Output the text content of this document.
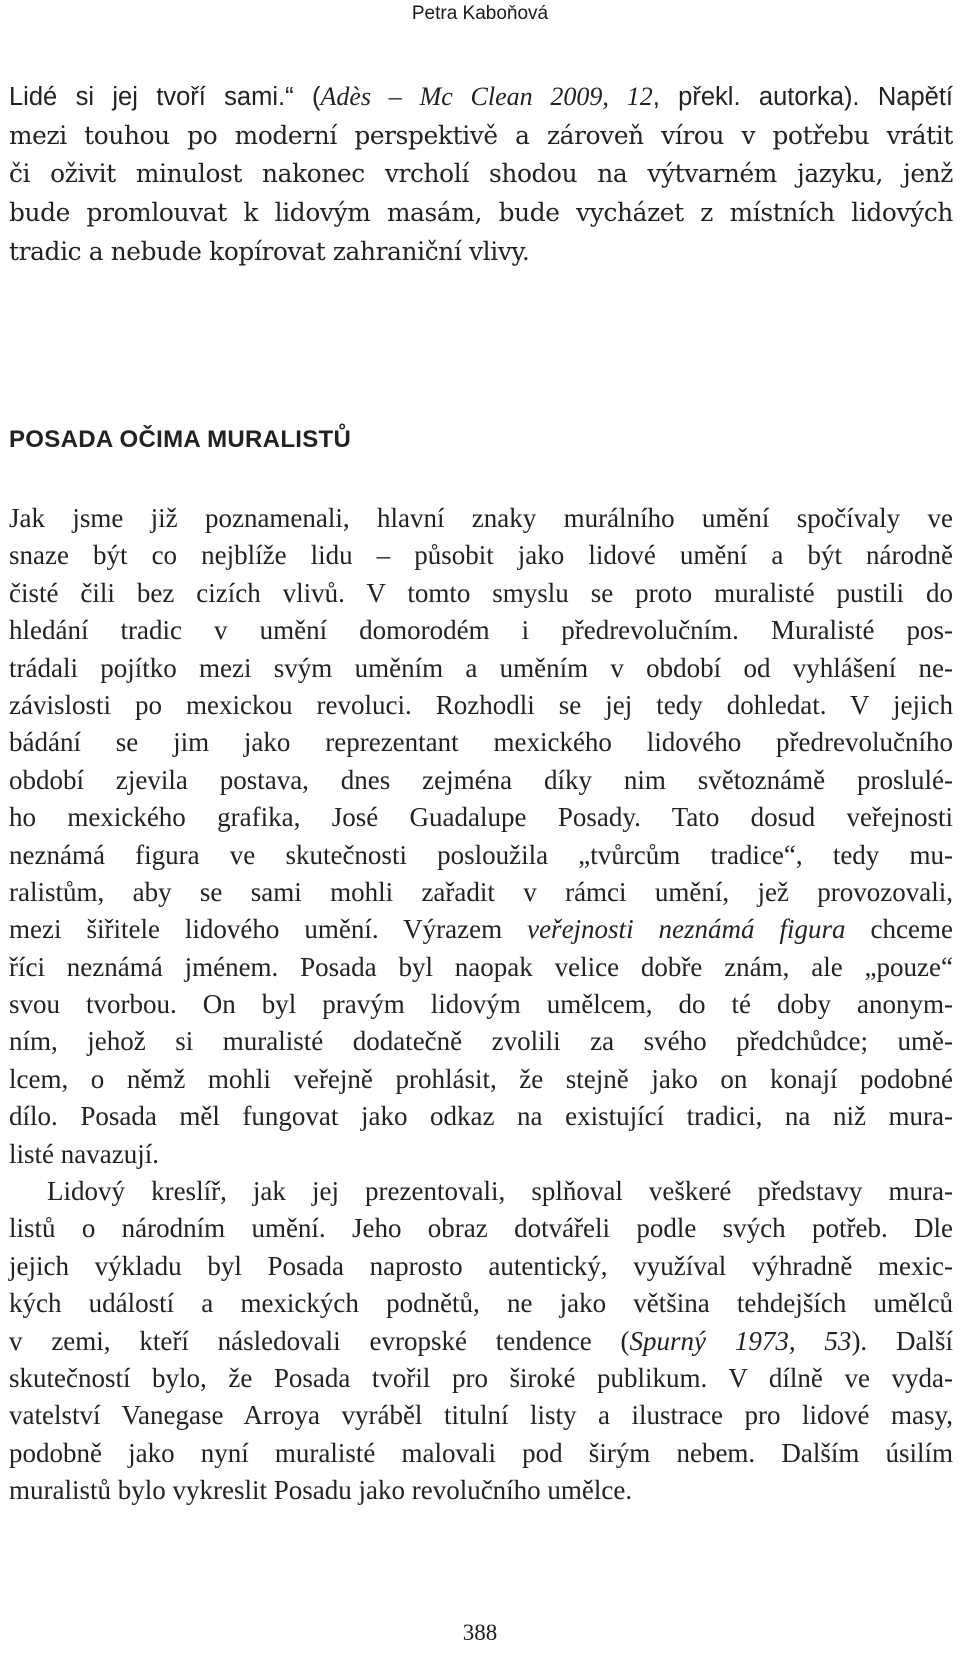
Petra Kaboňová
Lidé si jej tvoří sami.“ (Adès – Mc Clean 2009, 12, překl. autorka). Napětí
mezi touhou po moderní perspektivě a zároveň vírou v potřebu vrátit
či oživit minulost nakonec vrcholí shodou na výtvarném jazyku, jenž
bude promlouvat k lidovým masám, bude vycházet z místních lidových
tradic a nebude kopírovat zahraniční vlivy.
POSADA OČIMA MURALISTŮ
Jak jsme již poznamenali, hlavní znaky murálního umění spočívaly ve
snaze být co nejblíže lidu – působit jako lidové umění a být národně
čisté čili bez cizích vlivů. V tomto smyslu se proto muralisté pustili do
hledání tradic v umění domorodém i předrevolučním. Muralisté pos-
trádali pojítko mezi svým uměním a uměním v období od vyhlášení ne-
závislosti po mexickou revoluci. Rozhodli se jej tedy dohledat. V jejich
bádání se jim jako reprezentant mexického lidového předrevolučního
období zjevila postava, dnes zejména díky nim světoznámě proslulé-
ho mexického grafika, José Guadalupe Posady. Tato dosud veřejnosti
neznámá figura ve skutečnosti posloužila „tvůrcům tradice“, tedy mu-
ralistům, aby se sami mohli zařadit v rámci umění, jež provozovali,
mezi šiřitele lidového umění. Výrazem veřejnosti neznámá figura chceme
říci neznámá jménem. Posada byl naopak velice dobře znám, ale „pouze“
svou tvorbou. On byl pravým lidovým umělcem, do té doby anonym-
ním, jehož si muralisté dodatečně zvolili za svého předchůdce; umě-
lcem, o němž mohli veřejně prohlásit, že stejně jako on konají podobné
dílo. Posada měl fungovat jako odkaz na existující tradici, na niž mura-
listé navazují.
Lidový kreslíř, jak jej prezentovali, splňoval veškeré představy mura-
listů o národním umění. Jeho obraz dotvářeli podle svých potřeb. Dle
jejich výkladu byl Posada naprosto autentický, využíval výhradně mexic-
kých událostí a mexických podnětů, ne jako většina tehdejších umělců
v zemi, kteří následovali evropské tendence (Spurný 1973, 53). Další
skutečností bylo, že Posada tvořil pro široké publikum. V dílně ve vyda-
vatelství Vanegase Arroya vyráběl titulní listy a ilustrace pro lidové masy,
podobně jako nyní muralisté malovali pod širým nebem. Dalším úsilím
muralistů bylo vykreslit Posadu jako revolučního umělce.
388
